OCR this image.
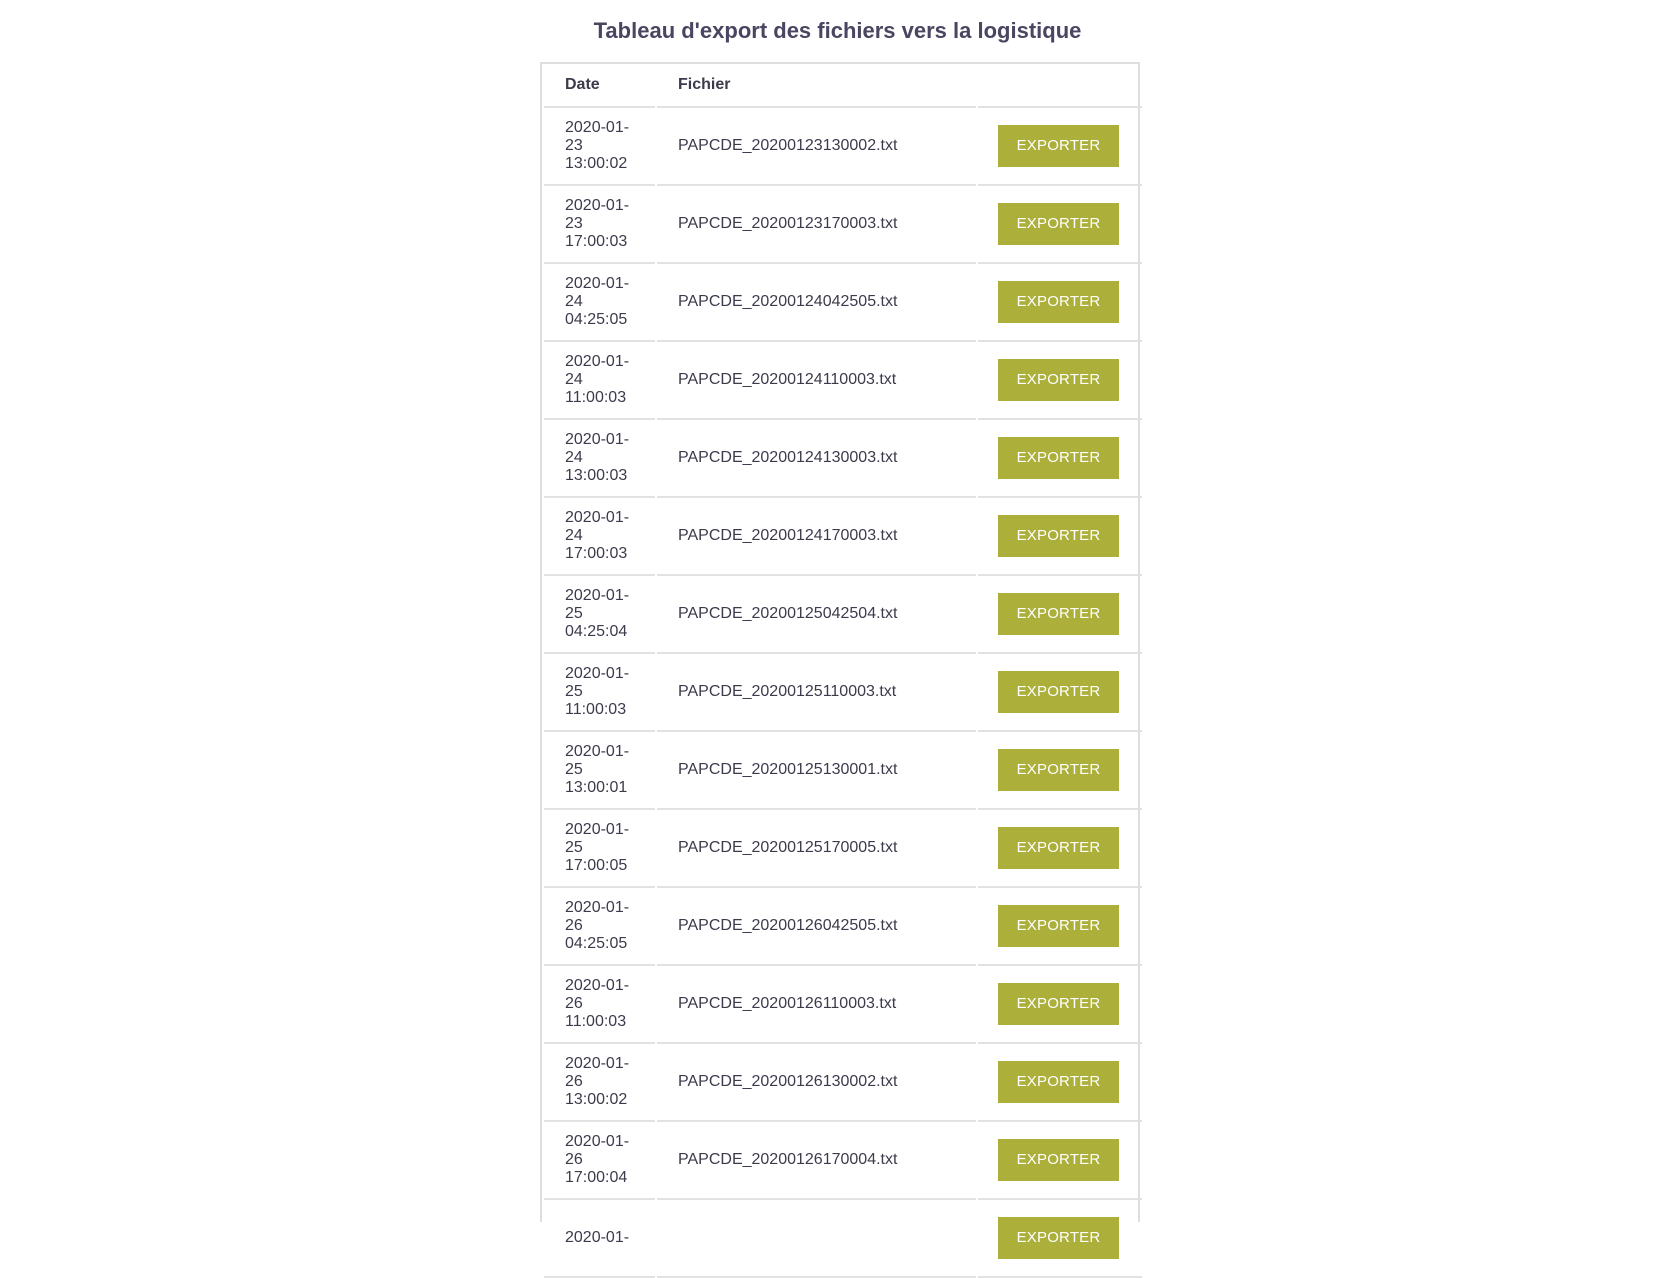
Tableau d'export des fichiers vers la logistique
Date	Fichier	

2020-01-
23
13:00:02	PAPCDE_20200123130002.txt	EXPORTER

2020-01-
23
17:00:03	PAPCDE_20200123170003.txt	EXPORTER

2020-01-
24
04:25:05	PAPCDE_20200124042505.txt	EXPORTER

2020-01-
24
11:00:03	PAPCDE_20200124110003.txt	EXPORTER

2020-01-
24
13:00:03	PAPCDE_20200124130003.txt	EXPORTER

2020-01-
24
17:00:03	PAPCDE_20200124170003.txt	EXPORTER

2020-01-
25
04:25:04	PAPCDE_20200125042504.txt	EXPORTER

2020-01-
25
11:00:03	PAPCDE_20200125110003.txt	EXPORTER

2020-01-
25
13:00:01	PAPCDE_20200125130001.txt	EXPORTER

2020-01-
25
17:00:05	PAPCDE_20200125170005.txt	EXPORTER

2020-01-
26
04:25:05	PAPCDE_20200126042505.txt	EXPORTER

2020-01-
26
11:00:03	PAPCDE_20200126110003.txt	EXPORTER

2020-01-
26
13:00:02	PAPCDE_20200126130002.txt	EXPORTER

2020-01-
26
17:00:04	PAPCDE_20200126170004.txt	EXPORTER

2020-01-		EXPORTER
